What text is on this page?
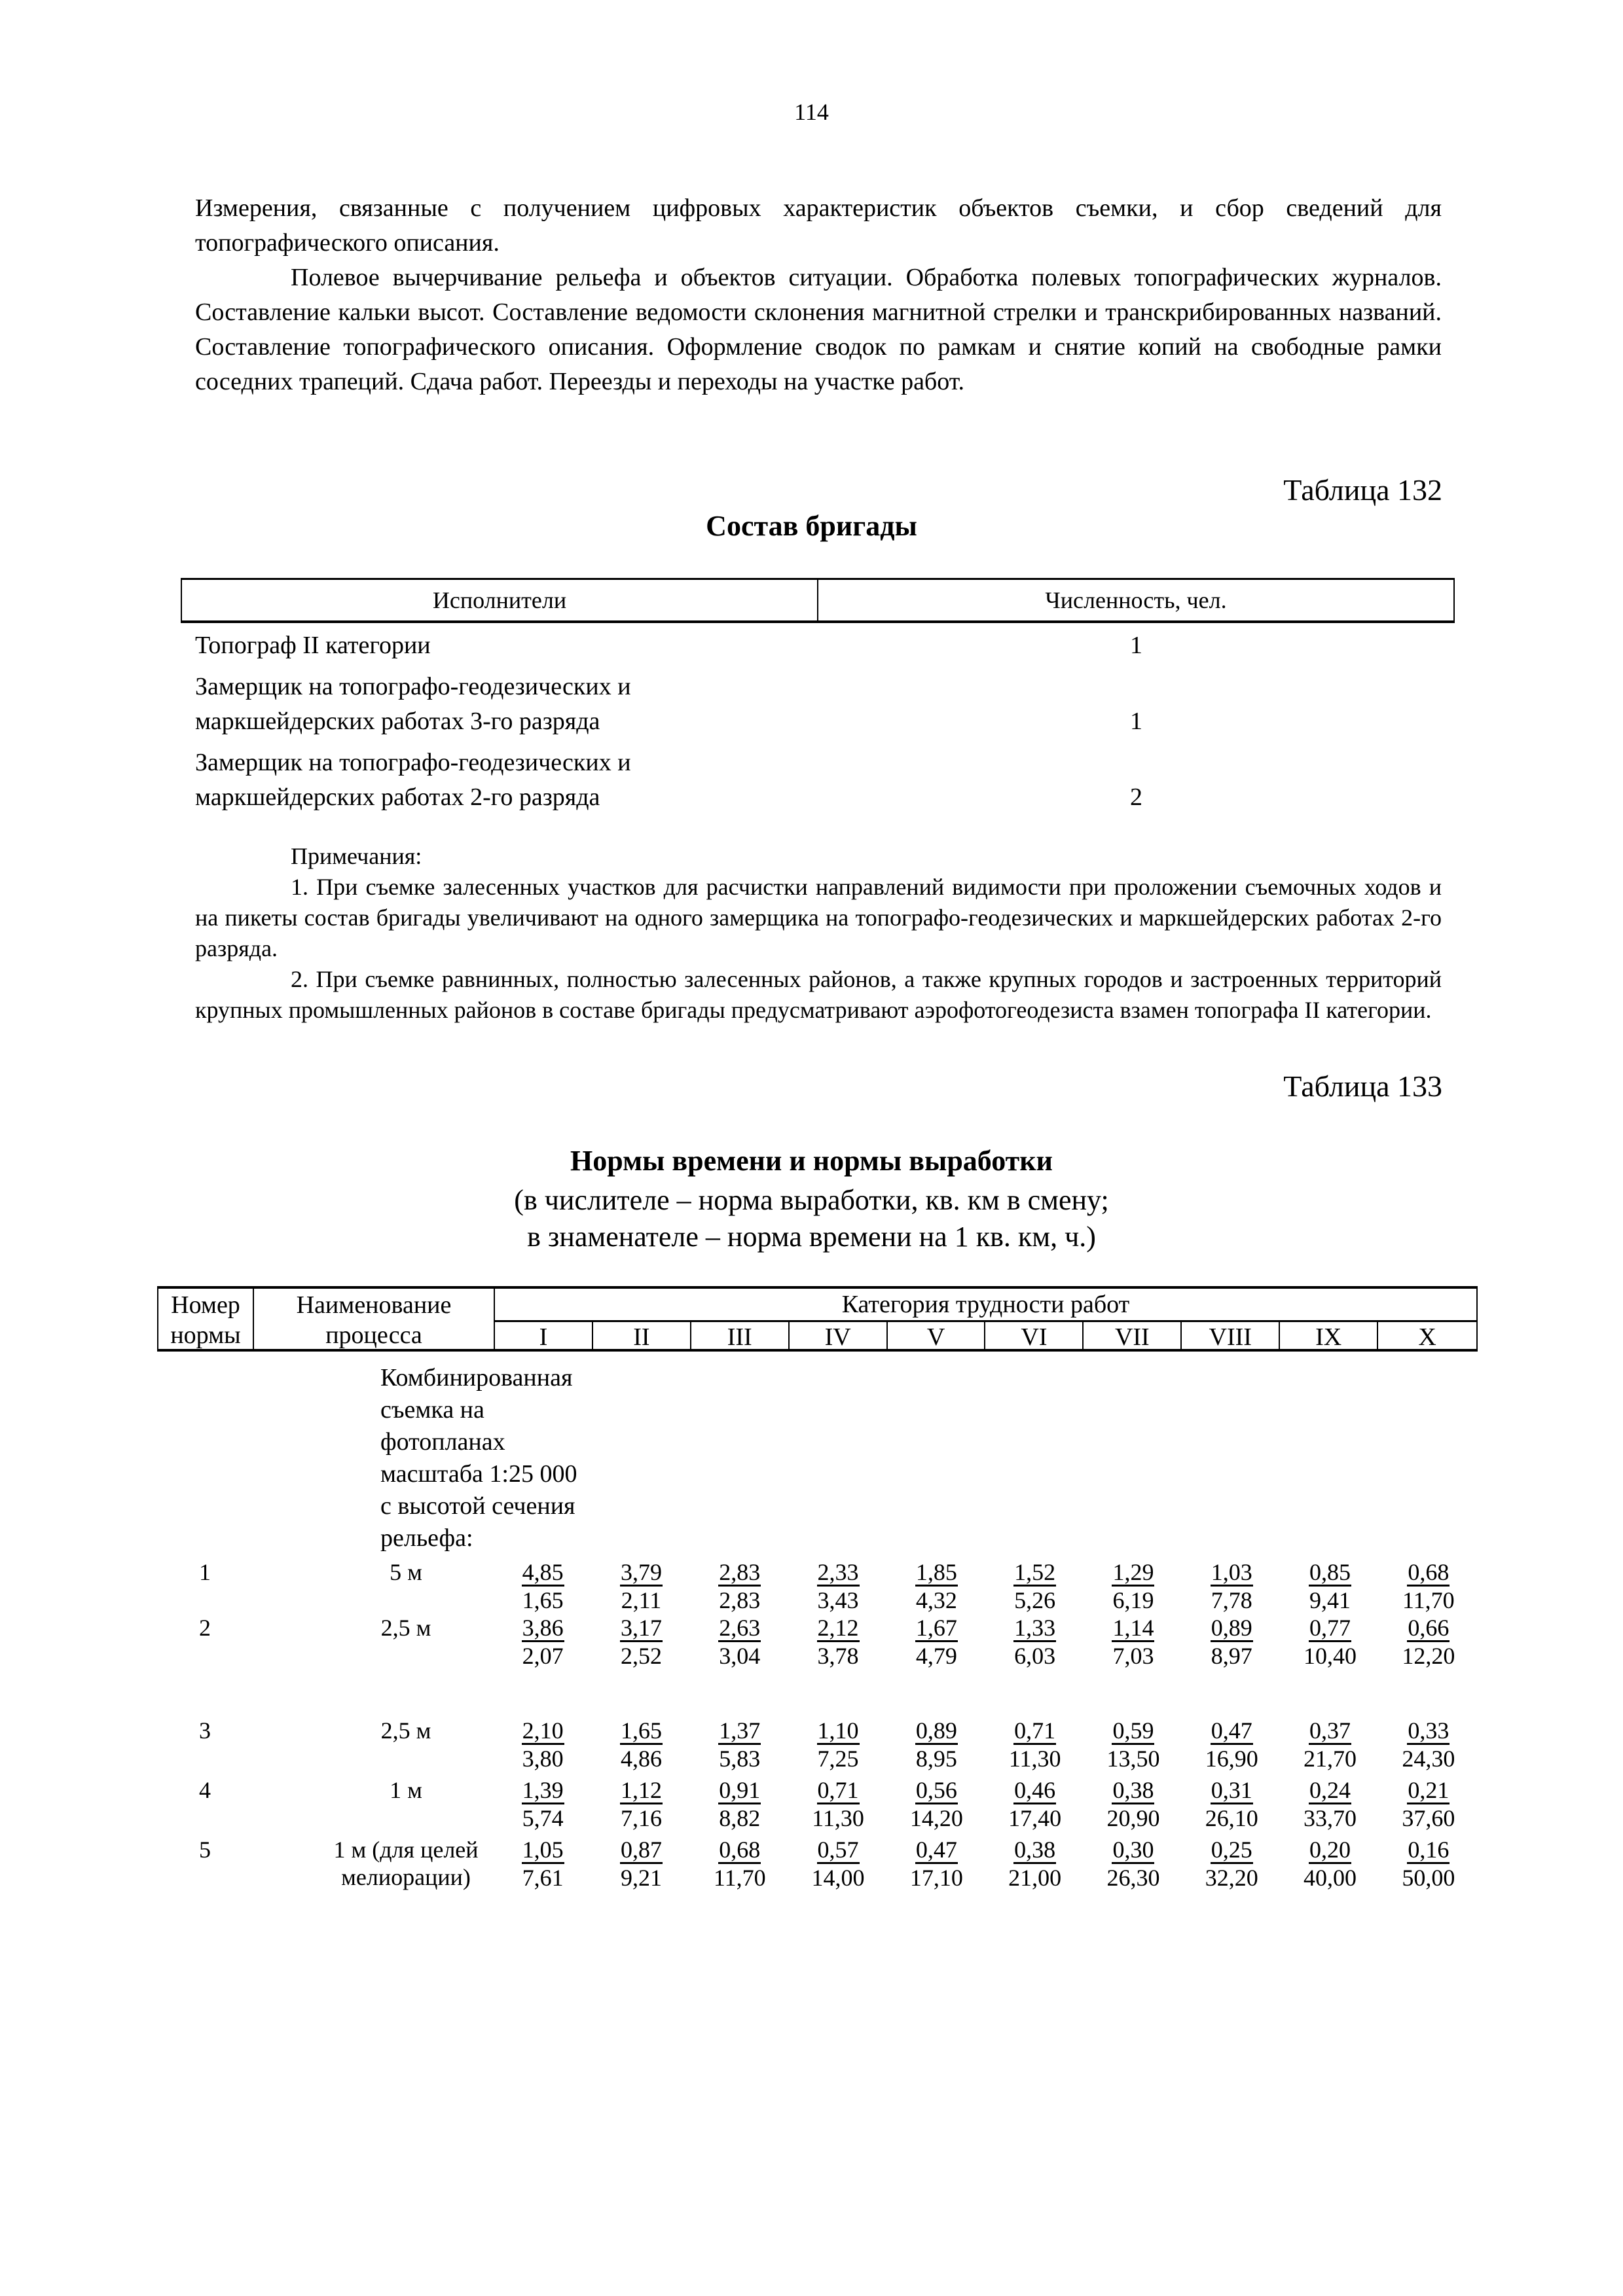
114

Измерения, связанные с получением цифровых характеристик объектов съемки, и сбор сведений для топографического описания.

Полевое вычерчивание рельефа и объектов ситуации. Обработка полевых топографических журналов. Составление кальки высот. Составление ведомости склонения магнитной стрелки и транскрибированных названий. Составление топографического описания. Оформление сводок по рамкам и снятие копий на свободные рамки соседних трапеций. Сдача работ. Переезды и переходы на участке работ.

Таблица 132
Состав бригады
Исполнители	Численность, чел.
Топограф II категории	1
Замерщик на топографо-геодезических и
маркшейдерских работах 3-го разряда	1
Замерщик на топографо-геодезических и
маркшейдерских работах 2-го разряда	2

Примечания:

1. При съемке залесенных участков для расчистки направлений видимости при проложении съемочных ходов и на пикеты состав бригады увеличивают на одного замерщика на топографо-геодезических и маркшейдерских работах 2-го разряда.

2. При съемке равнинных, полностью залесенных районов, а также крупных городов и застроенных территорий крупных промышленных районов в составе бригады предусматривают аэрофотогеодезиста взамен топографа II категории.

Таблица 133
Нормы времени и нормы выработки
(в числителе – норма выработки, кв. км в смену;
в знаменателе – норма времени на 1 кв. км, ч.)
Номер
нормы
Наименование
процесса
Категория трудности работ
I	II	III	IV	V	VI	VII	VIII	IX	X
Комбинированная
съемка на
фотопланах
масштаба 1:25 000
с высотой сечения
рельефа:
1	5 м	$\frac{4,85}{1,65} \frac{3,79}{2,11} \frac{2,83}{2,83} \frac{2,33}{3,43} \frac{1,85}{4,32} \frac{1,52}{5,26} \frac{1,29}{6,19} \frac{1,03}{7,78} \frac{0,85}{9,41} \frac{0,68}{11,70}$
2	2,5 м	$\frac{3,86}{2,07} \frac{3,17}{2,52} \frac{2,63}{3,04} \frac{2,12}{3,78} \frac{1,67}{4,79} \frac{1,33}{6,03} \frac{1,14}{7,03} \frac{0,89}{8,97} \frac{0,77}{10,40} \frac{0,66}{12,20}$
3	2,5 м	$\frac{2,10}{3,80} \frac{1,65}{4,86} \frac{1,37}{5,83} \frac{1,10}{7,25} \frac{0,89}{8,95} \frac{0,71}{11,30} \frac{0,59}{13,50} \frac{0,47}{16,90} \frac{0,37}{21,70} \frac{0,33}{24,30}$
4	1 м	$\frac{1,39}{5,74} \frac{1,12}{7,16} \frac{0,91}{8,82} \frac{0,71}{11,30} \frac{0,56}{14,20} \frac{0,46}{17,40} \frac{0,38}{20,90} \frac{0,31}{26,10} \frac{0,24}{33,70} \frac{0,21}{37,60}$
5	1 м (для целей
мелиорации)	$\frac{1,05}{7,61} \frac{0,87}{9,21} \frac{0,68}{11,70} \frac{0,57}{14,00} \frac{0,47}{17,10} \frac{0,38}{21,00} \frac{0,30}{26,30} \frac{0,25}{32,20} \frac{0,20}{40,00} \frac{0,16}{50,00}$
